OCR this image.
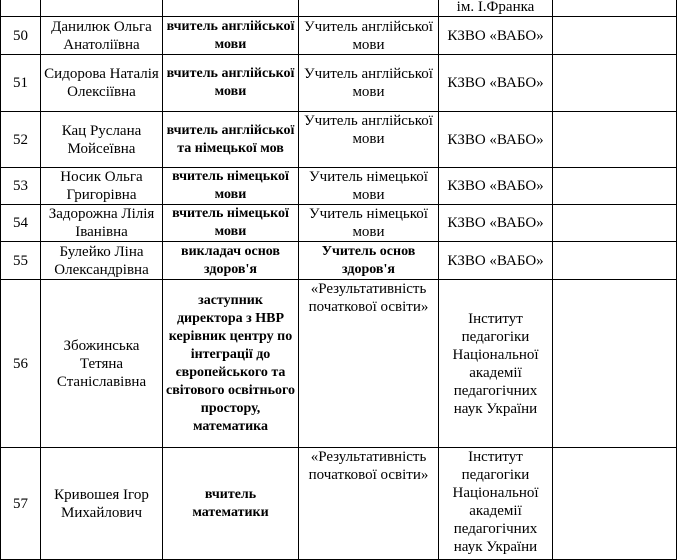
				ім. І.Франка	
50	Данилюк Ольга Анатоліївна	вчитель англійської мови	Учитель англійської мови	КЗВО «ВАБО»	
51	Сидорова Наталія Олексіївна	вчитель англійської мови	Учитель англійської мови	КЗВО «ВАБО»	
52	Кац Руслана Мойсеївна	вчитель англійської та німецької мов	Учитель англійської мови	КЗВО «ВАБО»	
53	Носик Ольга Григорівна	вчитель німецької мови	Учитель німецької мови	КЗВО «ВАБО»	
54	Задорожна Лілія Іванівна	вчитель німецької мови	Учитель німецької мови	КЗВО «ВАБО»	
55	Булейко Ліна Олександрівна	викладач основ здоров'я	Учитель основ здоров'я	КЗВО «ВАБО»	
56	Збожинська Тетяна Станіславівна	заступник директора з НВР керівник центру по інтеграції до європейського та світового освітнього простору, математика	«Результативність початкової освіти»	Інститут педагогіки Національної академії педагогічних наук України	
57	Кривошея Ігор Михайлович	вчитель математики	«Результативність початкової освіти»	Інститут педагогіки Національної академії педагогічних наук України	
